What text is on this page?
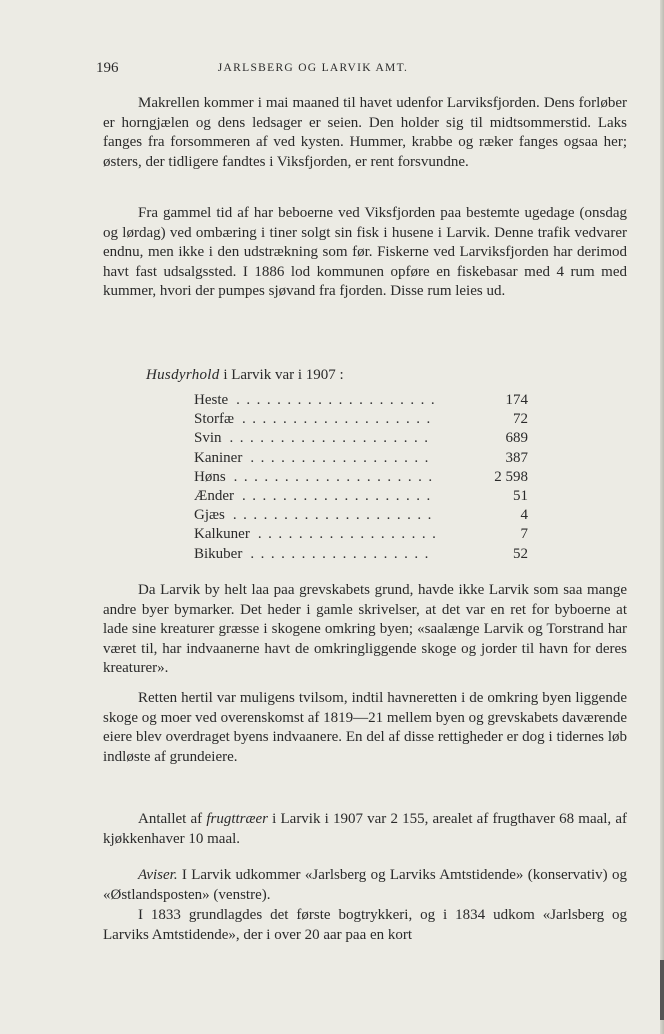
196	JARLSBERG OG LARVIK AMT.

Makrellen kommer i mai maaned til havet udenfor Larviksfjorden. Dens forløber er horngjælen og dens ledsager er seien. Den holder sig til midtsommerstid. Laks fanges fra forsommeren af ved kysten. Hummer, krabbe og ræker fanges ogsaa her; østers, der tidligere fandtes i Viksfjorden, er rent forsvundne.

Fra gammel tid af har beboerne ved Viksfjorden paa bestemte ugedage (onsdag og lørdag) ved ombæring i tiner solgt sin fisk i husene i Larvik. Denne trafik vedvarer endnu, men ikke i den udstrækning som før. Fiskerne ved Larviksfjorden har derimod havt fast udsalgssted. I 1886 lod kommunen opføre en fiskebasar med 4 rum med kummer, hvori der pumpes sjøvand fra fjorden. Disse rum leies ud.

Husdyrhold i Larvik var i 1907 :
Heste ....................	174
Storfæ ...................	72
Svin ....................	689
Kaniner ..................	387
Høns ....................	2 598
Ænder ...................	51
Gjæs ....................	4
Kalkuner ..................	7
Bikuber ..................	52

Da Larvik by helt laa paa grevskabets grund, havde ikke Larvik som saa mange andre byer bymarker. Det heder i gamle skrivelser, at det var en ret for byboerne at lade sine kreaturer græsse i skogene omkring byen; «saalænge Larvik og Torstrand har været til, har indvaanerne havt de omkringliggende skoge og jorder til havn for deres kreaturer».

Retten hertil var muligens tvilsom, indtil havneretten i de omkring byen liggende skoge og moer ved overenskomst af 1819—21 mellem byen og grevskabets daværende eiere blev overdraget byens indvaanere. En del af disse rettigheder er dog i tidernes løb indløste af grundeiere.

Antallet af frugttræer i Larvik i 1907 var 2 155, arealet af frugthaver 68 maal, af kjøkkenhaver 10 maal.

Aviser. I Larvik udkommer «Jarlsberg og Larviks Amtstidende» (konservativ) og «Østlandsposten» (venstre).

I 1833 grundlagdes det første bogtrykkeri, og i 1834 udkom «Jarlsberg og Larviks Amtstidende», der i over 20 aar paa en kort
